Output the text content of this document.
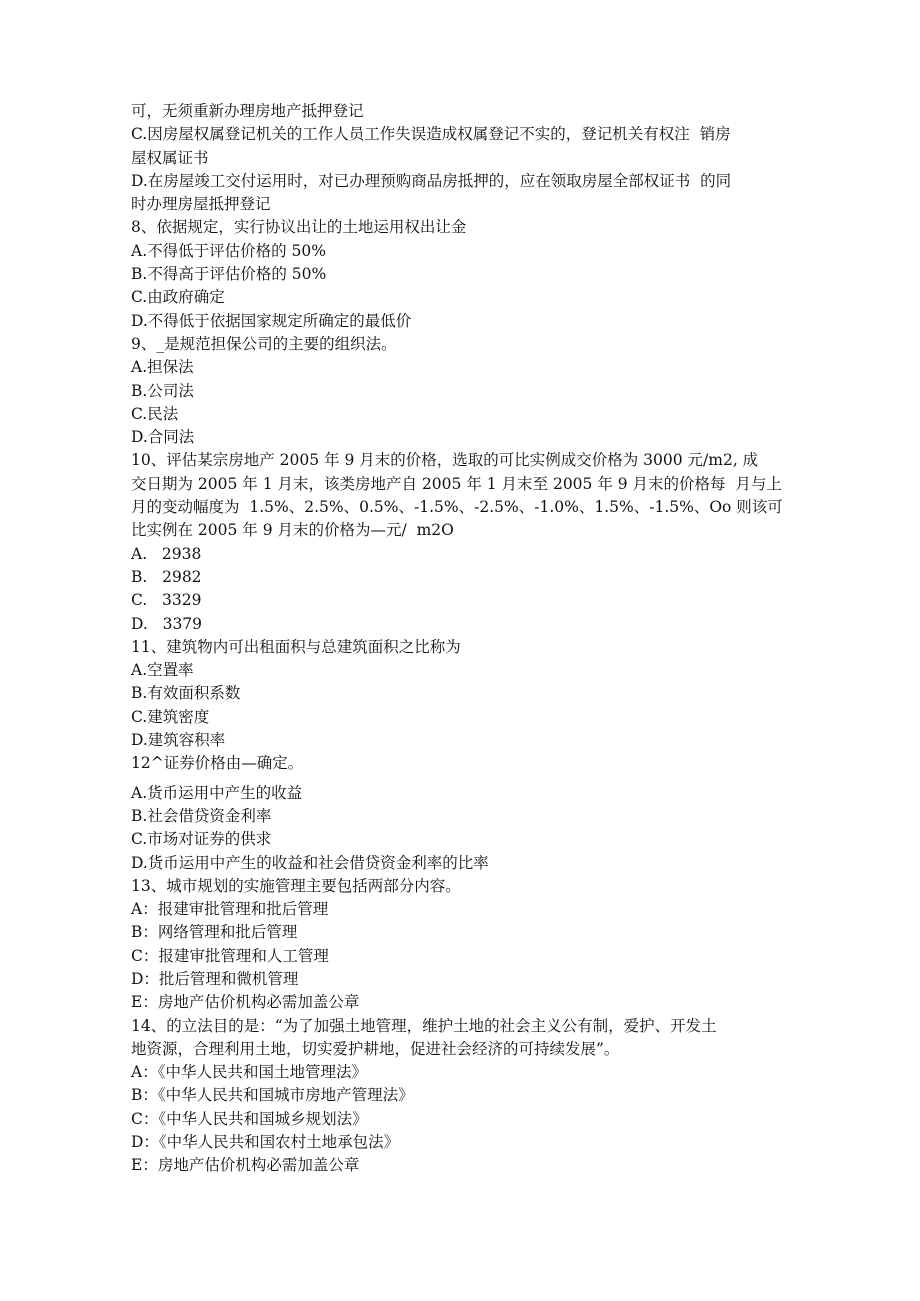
可，无须重新办理房地产抵押登记
C.因房屋权属登记机关的工作人员工作失误造成权属登记不实的，登记机关有权注  销房
屋权属证书
D.在房屋竣工交付运用时，对已办理预购商品房抵押的，应在领取房屋全部权证书  的同
时办理房屋抵押登记
8、依据规定，实行协议出让的土地运用权出让金
A.不得低于评估价格的 50%
B.不得高于评估价格的 50%
C.由政府确定
D.不得低于依据国家规定所确定的最低价
9、_是规范担保公司的主要的组织法。
A.担保法
B.公司法
C.民法
D.合同法
10、评估某宗房地产 2005 年 9 月末的价格，选取的可比实例成交价格为 3000 元/m2, 成
交日期为 2005 年 1 月末，该类房地产自 2005 年 1 月末至 2005 年 9 月末的价格每  月与上
月的变动幅度为  1.5%、2.5%、0.5%、-1.5%、-2.5%、-1.0%、1.5%、-1.5%、Oo 则该可
比实例在 2005 年 9 月末的价格为—元/  m2O
A.   2938
B.   2982
C.   3329
D.   3379
11、建筑物内可出租面积与总建筑面积之比称为
A.空置率
B.有效面积系数
C.建筑密度
D.建筑容积率
12^证券价格由—确定。
A.货币运用中产生的收益
B.社会借贷资金利率
C.市场对证券的供求
D.货币运用中产生的收益和社会借贷资金利率的比率
13、城市规划的实施管理主要包括两部分内容。
A：报建审批管理和批后管理
B：网络管理和批后管理
C：报建审批管理和人工管理
D：批后管理和微机管理
E：房地产估价机构必需加盖公章
14、的立法目的是：“为了加强土地管理，维护土地的社会主义公有制，爱护、开发土
地资源，合理利用土地，切实爱护耕地，促进社会经济的可持续发展”。
A：《中华人民共和国土地管理法》
B：《中华人民共和国城市房地产管理法》
C：《中华人民共和国城乡规划法》
D：《中华人民共和国农村土地承包法》
E：房地产估价机构必需加盖公章
